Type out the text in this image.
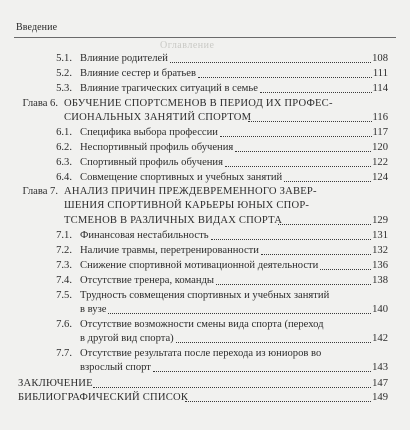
Введение
Оглавление
5.1. Влияние родителей	108
5.2. Влияние сестер и братьев	111
5.3. Влияние трагических ситуаций в семье	114
Глава 6. ОБУЧЕНИЕ СПОРТСМЕНОВ В ПЕРИОД ИХ ПРОФЕС-
СИОНАЛЬНЫХ ЗАНЯТИЙ СПОРТОМ	116
6.1. Специфика выбора профессии	117
6.2. Неспортивный профиль обучения	120
6.3. Спортивный профиль обучения	122
6.4. Совмещение спортивных и учебных занятий	124
Глава 7. АНАЛИЗ ПРИЧИН ПРЕЖДЕВРЕМЕННОГО ЗАВЕР-
ШЕНИЯ СПОРТИВНОЙ КАРЬЕРЫ ЮНЫХ СПОР-
ТСМЕНОВ В РАЗЛИЧНЫХ ВИДАХ СПОРТА	129
7.1. Финансовая нестабильность	131
7.2. Наличие травмы, перетренированности	132
7.3. Снижение спортивной мотивационной деятельности	136
7.4. Отсутствие тренера, команды	138
7.5. Трудность совмещения спортивных и учебных занятий
в вузе	140
7.6. Отсутствие возможности смены вида спорта (переход
в другой вид спорта)	142
7.7. Отсутствие результата после перехода из юниоров во
взрослый спорт	143
ЗАКЛЮЧЕНИЕ	147
БИБЛИОГРАФИЧЕСКИЙ СПИСОК	149
